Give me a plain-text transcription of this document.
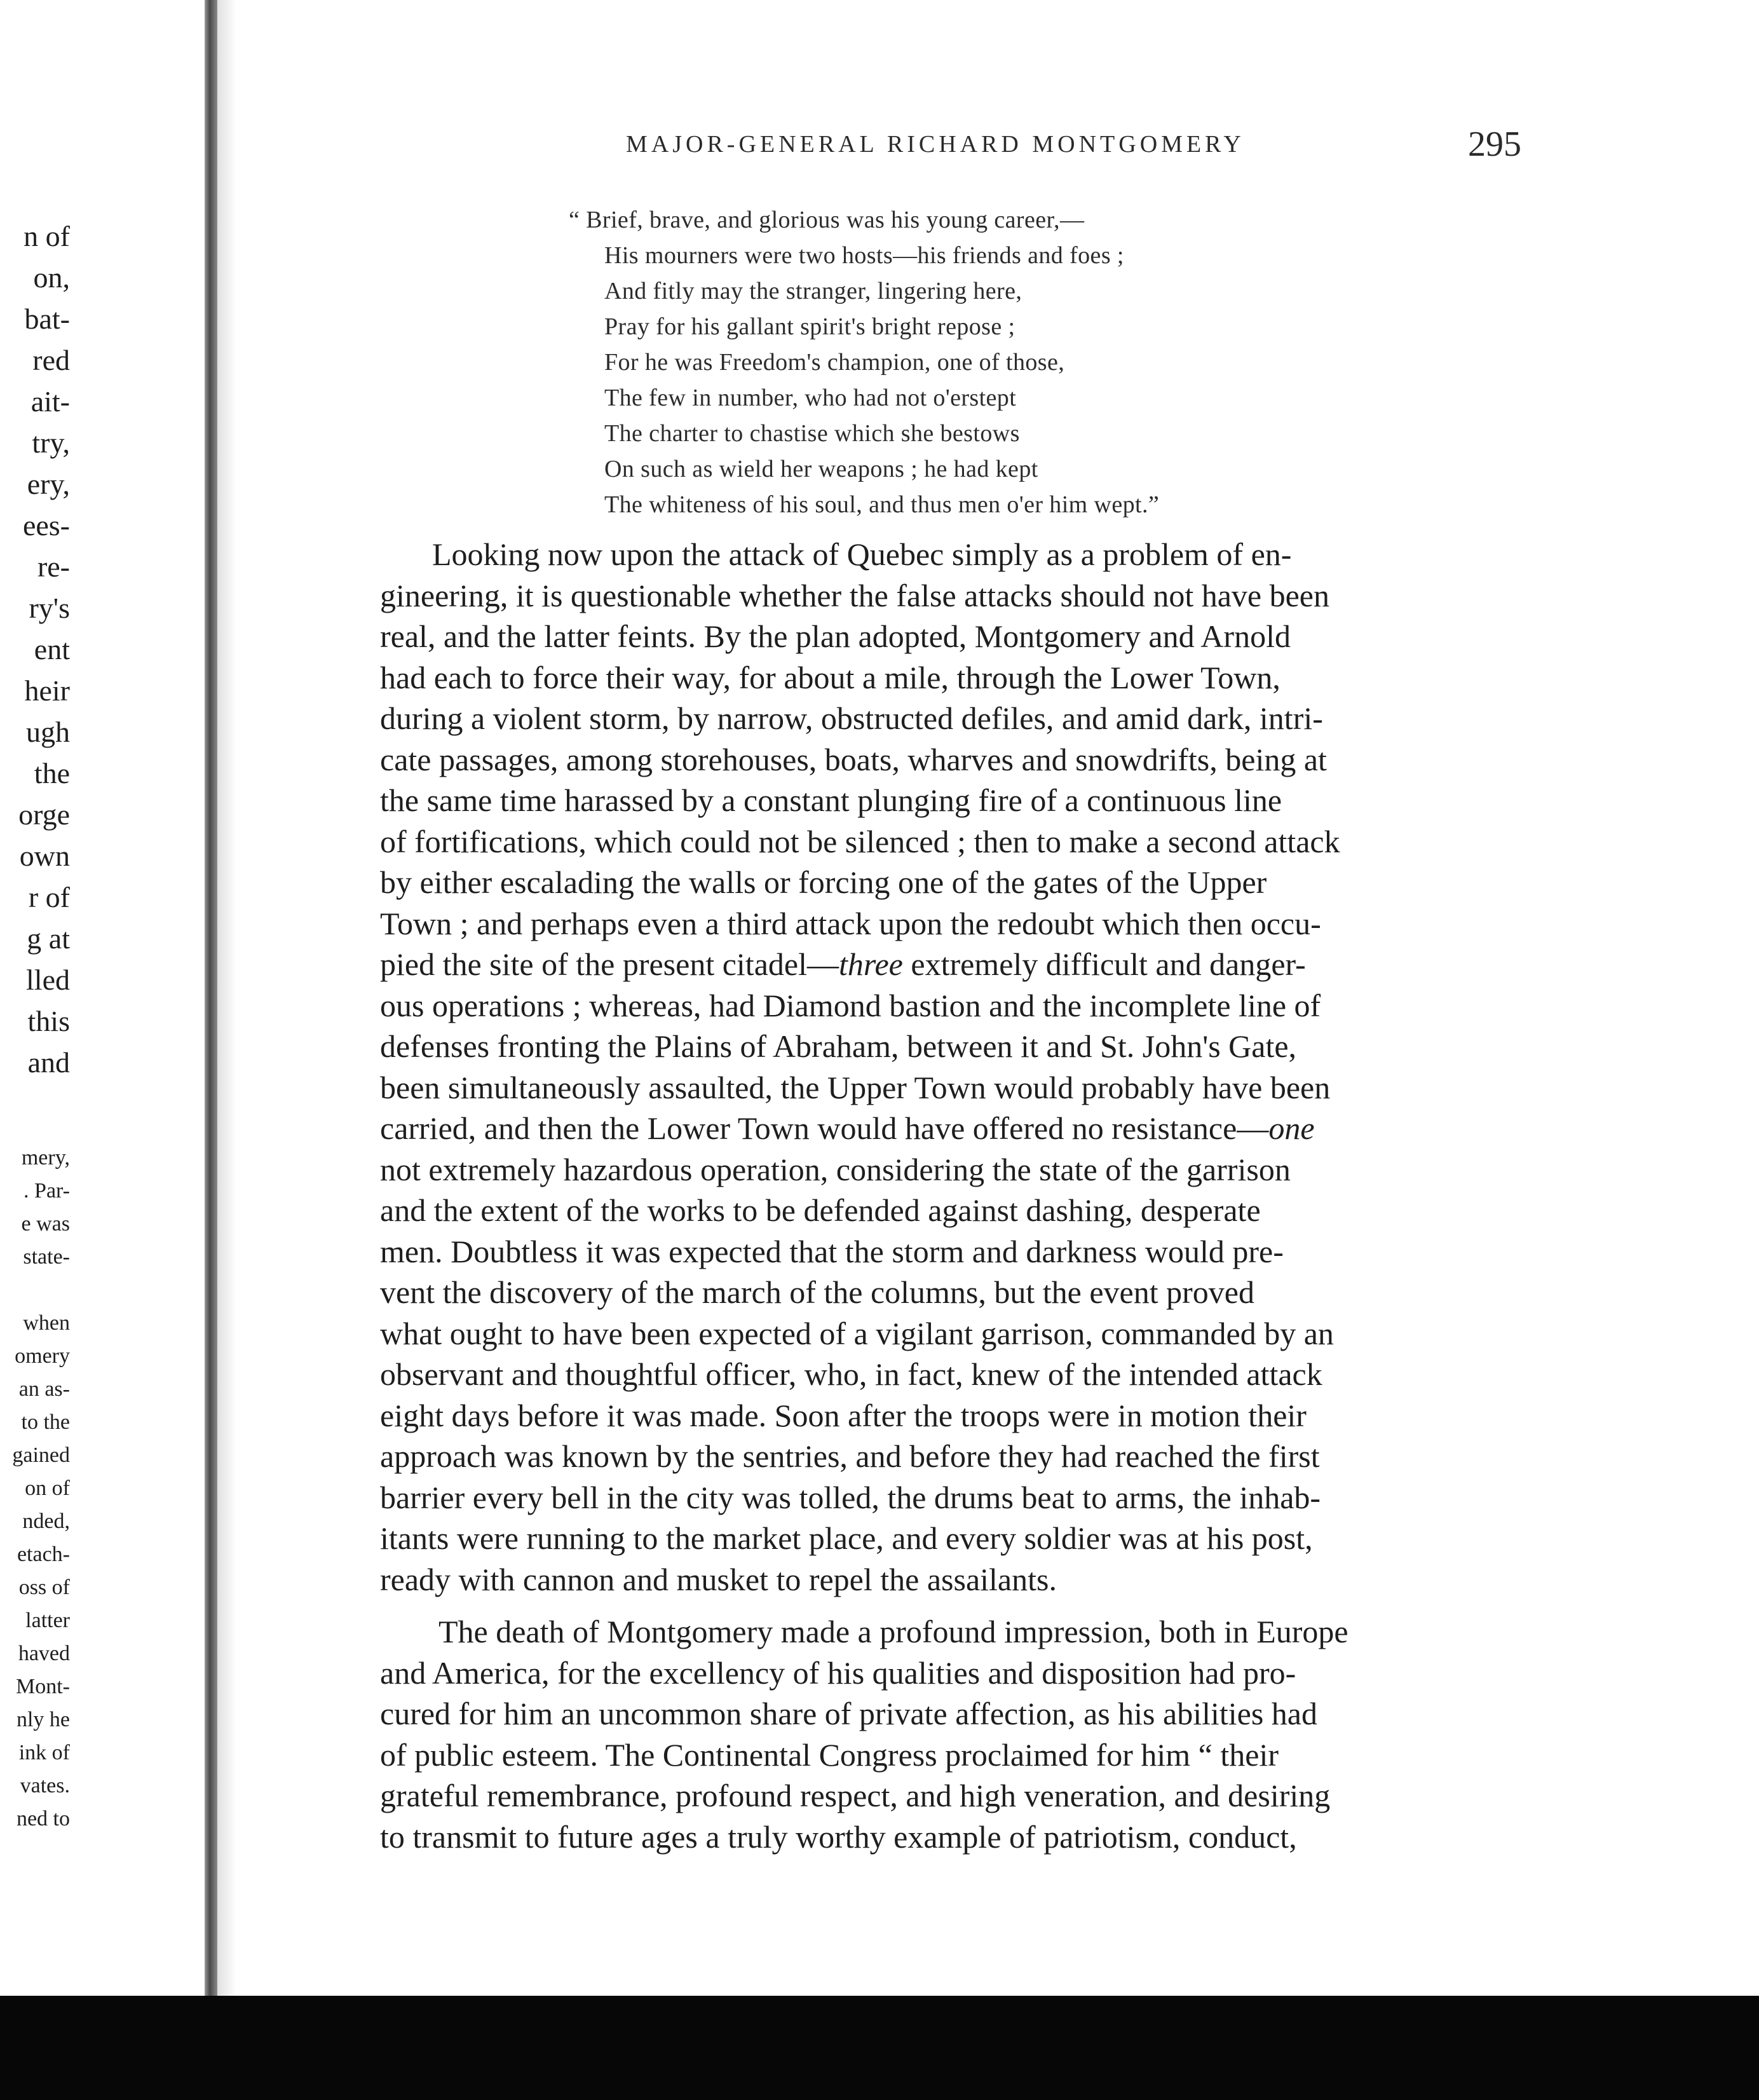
n of
on,
bat-
red
ait-
try,
ery,
ees-
re-
ry's
ent
heir
ugh
the
orge
own
r of
g at
lled
this
and
mery,
. Par-
e was
state-
when
omery
an as-
to the
gained
on of
nded,
etach-
oss of
latter
haved
Mont-
nly he
ink of
vates.
ned to
MAJOR-GENERAL RICHARD MONTGOMERY	295
“ Brief, brave, and glorious was his young career,—
His mourners were two hosts—his friends and foes ;
And fitly may the stranger, lingering here,
Pray for his gallant spirit's bright repose ;
For he was Freedom's champion, one of those,
The few in number, who had not o'erstept
The charter to chastise which she bestows
On such as wield her weapons ; he had kept
The whiteness of his soul, and thus men o'er him wept.”
Looking now upon the attack of Quebec simply as a problem of en-
gineering, it is questionable whether the false attacks should not have been
real, and the latter feints. By the plan adopted, Montgomery and Arnold
had each to force their way, for about a mile, through the Lower Town,
during a violent storm, by narrow, obstructed defiles, and amid dark, intri-
cate passages, among storehouses, boats, wharves and snowdrifts, being at
the same time harassed by a constant plunging fire of a continuous line
of fortifications, which could not be silenced ; then to make a second attack
by either escalading the walls or forcing one of the gates of the Upper
Town ; and perhaps even a third attack upon the redoubt which then occu-
pied the site of the present citadel—three extremely difficult and danger-
ous operations ; whereas, had Diamond bastion and the incomplete line of
defenses fronting the Plains of Abraham, between it and St. John's Gate,
been simultaneously assaulted, the Upper Town would probably have been
carried, and then the Lower Town would have offered no resistance—one
not extremely hazardous operation, considering the state of the garrison
and the extent of the works to be defended against dashing, desperate
men. Doubtless it was expected that the storm and darkness would pre-
vent the discovery of the march of the columns, but the event proved
what ought to have been expected of a vigilant garrison, commanded by an
observant and thoughtful officer, who, in fact, knew of the intended attack
eight days before it was made. Soon after the troops were in motion their
approach was known by the sentries, and before they had reached the first
barrier every bell in the city was tolled, the drums beat to arms, the inhab-
itants were running to the market place, and every soldier was at his post,
ready with cannon and musket to repel the assailants.
The death of Montgomery made a profound impression, both in Europe
and America, for the excellency of his qualities and disposition had pro-
cured for him an uncommon share of private affection, as his abilities had
of public esteem. The Continental Congress proclaimed for him “ their
grateful remembrance, profound respect, and high veneration, and desiring
to transmit to future ages a truly worthy example of patriotism, conduct,
